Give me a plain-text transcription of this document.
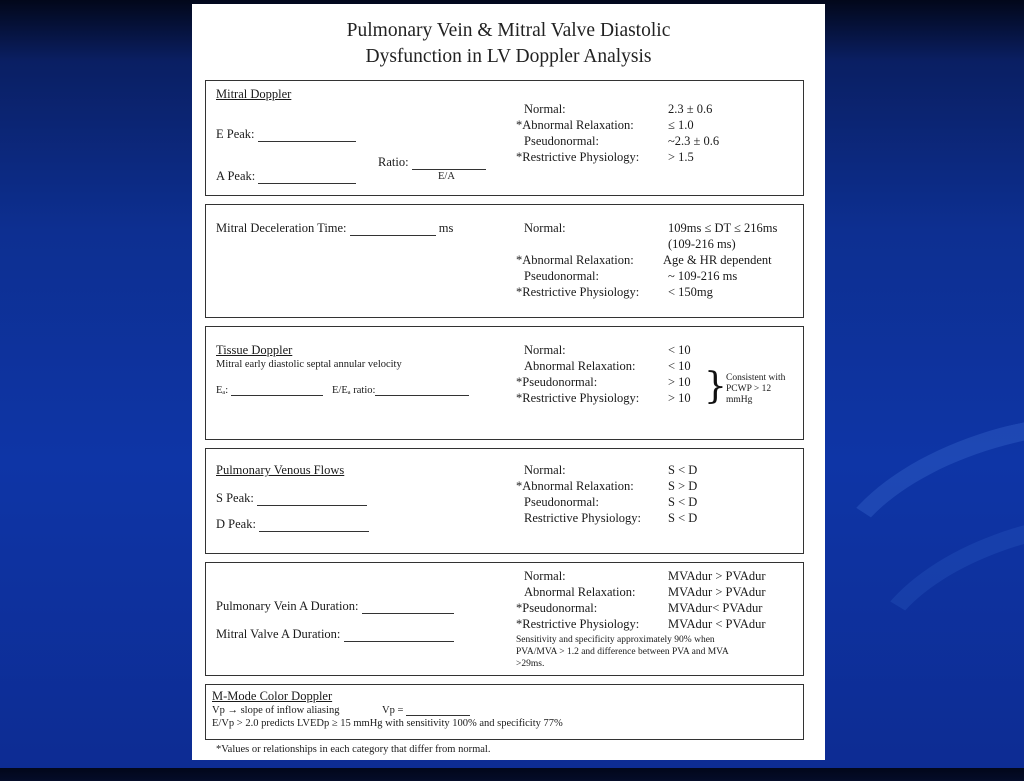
Pulmonary Vein & Mitral Valve Diastolic
Dysfunction in LV Doppler Analysis
Mitral Doppler
E Peak:
Ratio:
A Peak:	E/A
Normal:	2.3 ± 0.6
*Abnormal Relaxation:	≤ 1.0
Pseudonormal:	~2.3 ± 0.6
*Restrictive Physiology: > 1.5
Mitral Deceleration Time:	ms	Normal:	109ms ≤ DT ≤ 216ms
(109-216 ms)
*Abnormal Relaxation: Age & HR dependent
Pseudonormal:	~ 109-216 ms
*Restrictive Physiology: < 150mg
Tissue Doppler
Mitral early diastolic septal annular velocity
Eₐ:	E/Eₐ ratio:
Normal:	< 10
Abnormal Relaxation:	< 10
*Pseudonormal:	> 10
*Restrictive Physiology: > 10 } Consistent with
PCWP > 12
mmHg
Pulmonary Venous Flows
S Peak:
D Peak:
Normal:	S < D
*Abnormal Relaxation:	S > D
Pseudonormal:	S < D
Restrictive Physiology: S < D
Pulmonary Vein A Duration:
Mitral Valve A Duration:
Normal:	MVAdur > PVAdur
Abnormal Relaxation:	MVAdur > PVAdur
*Pseudonormal:	MVAdur< PVAdur
*Restrictive Physiology: MVAdur < PVAdur
Sensitivity and specificity approximately 90% when
PVA/MVA > 1.2 and difference between PVA and MVA
>29ms.
M-Mode Color Doppler
Vp → slope of inflow aliasing	Vp =
E/Vp > 2.0 predicts LVEDp ≥ 15 mmHg with sensitivity 100% and specificity 77%
*Values or relationships in each category that differ from normal.
